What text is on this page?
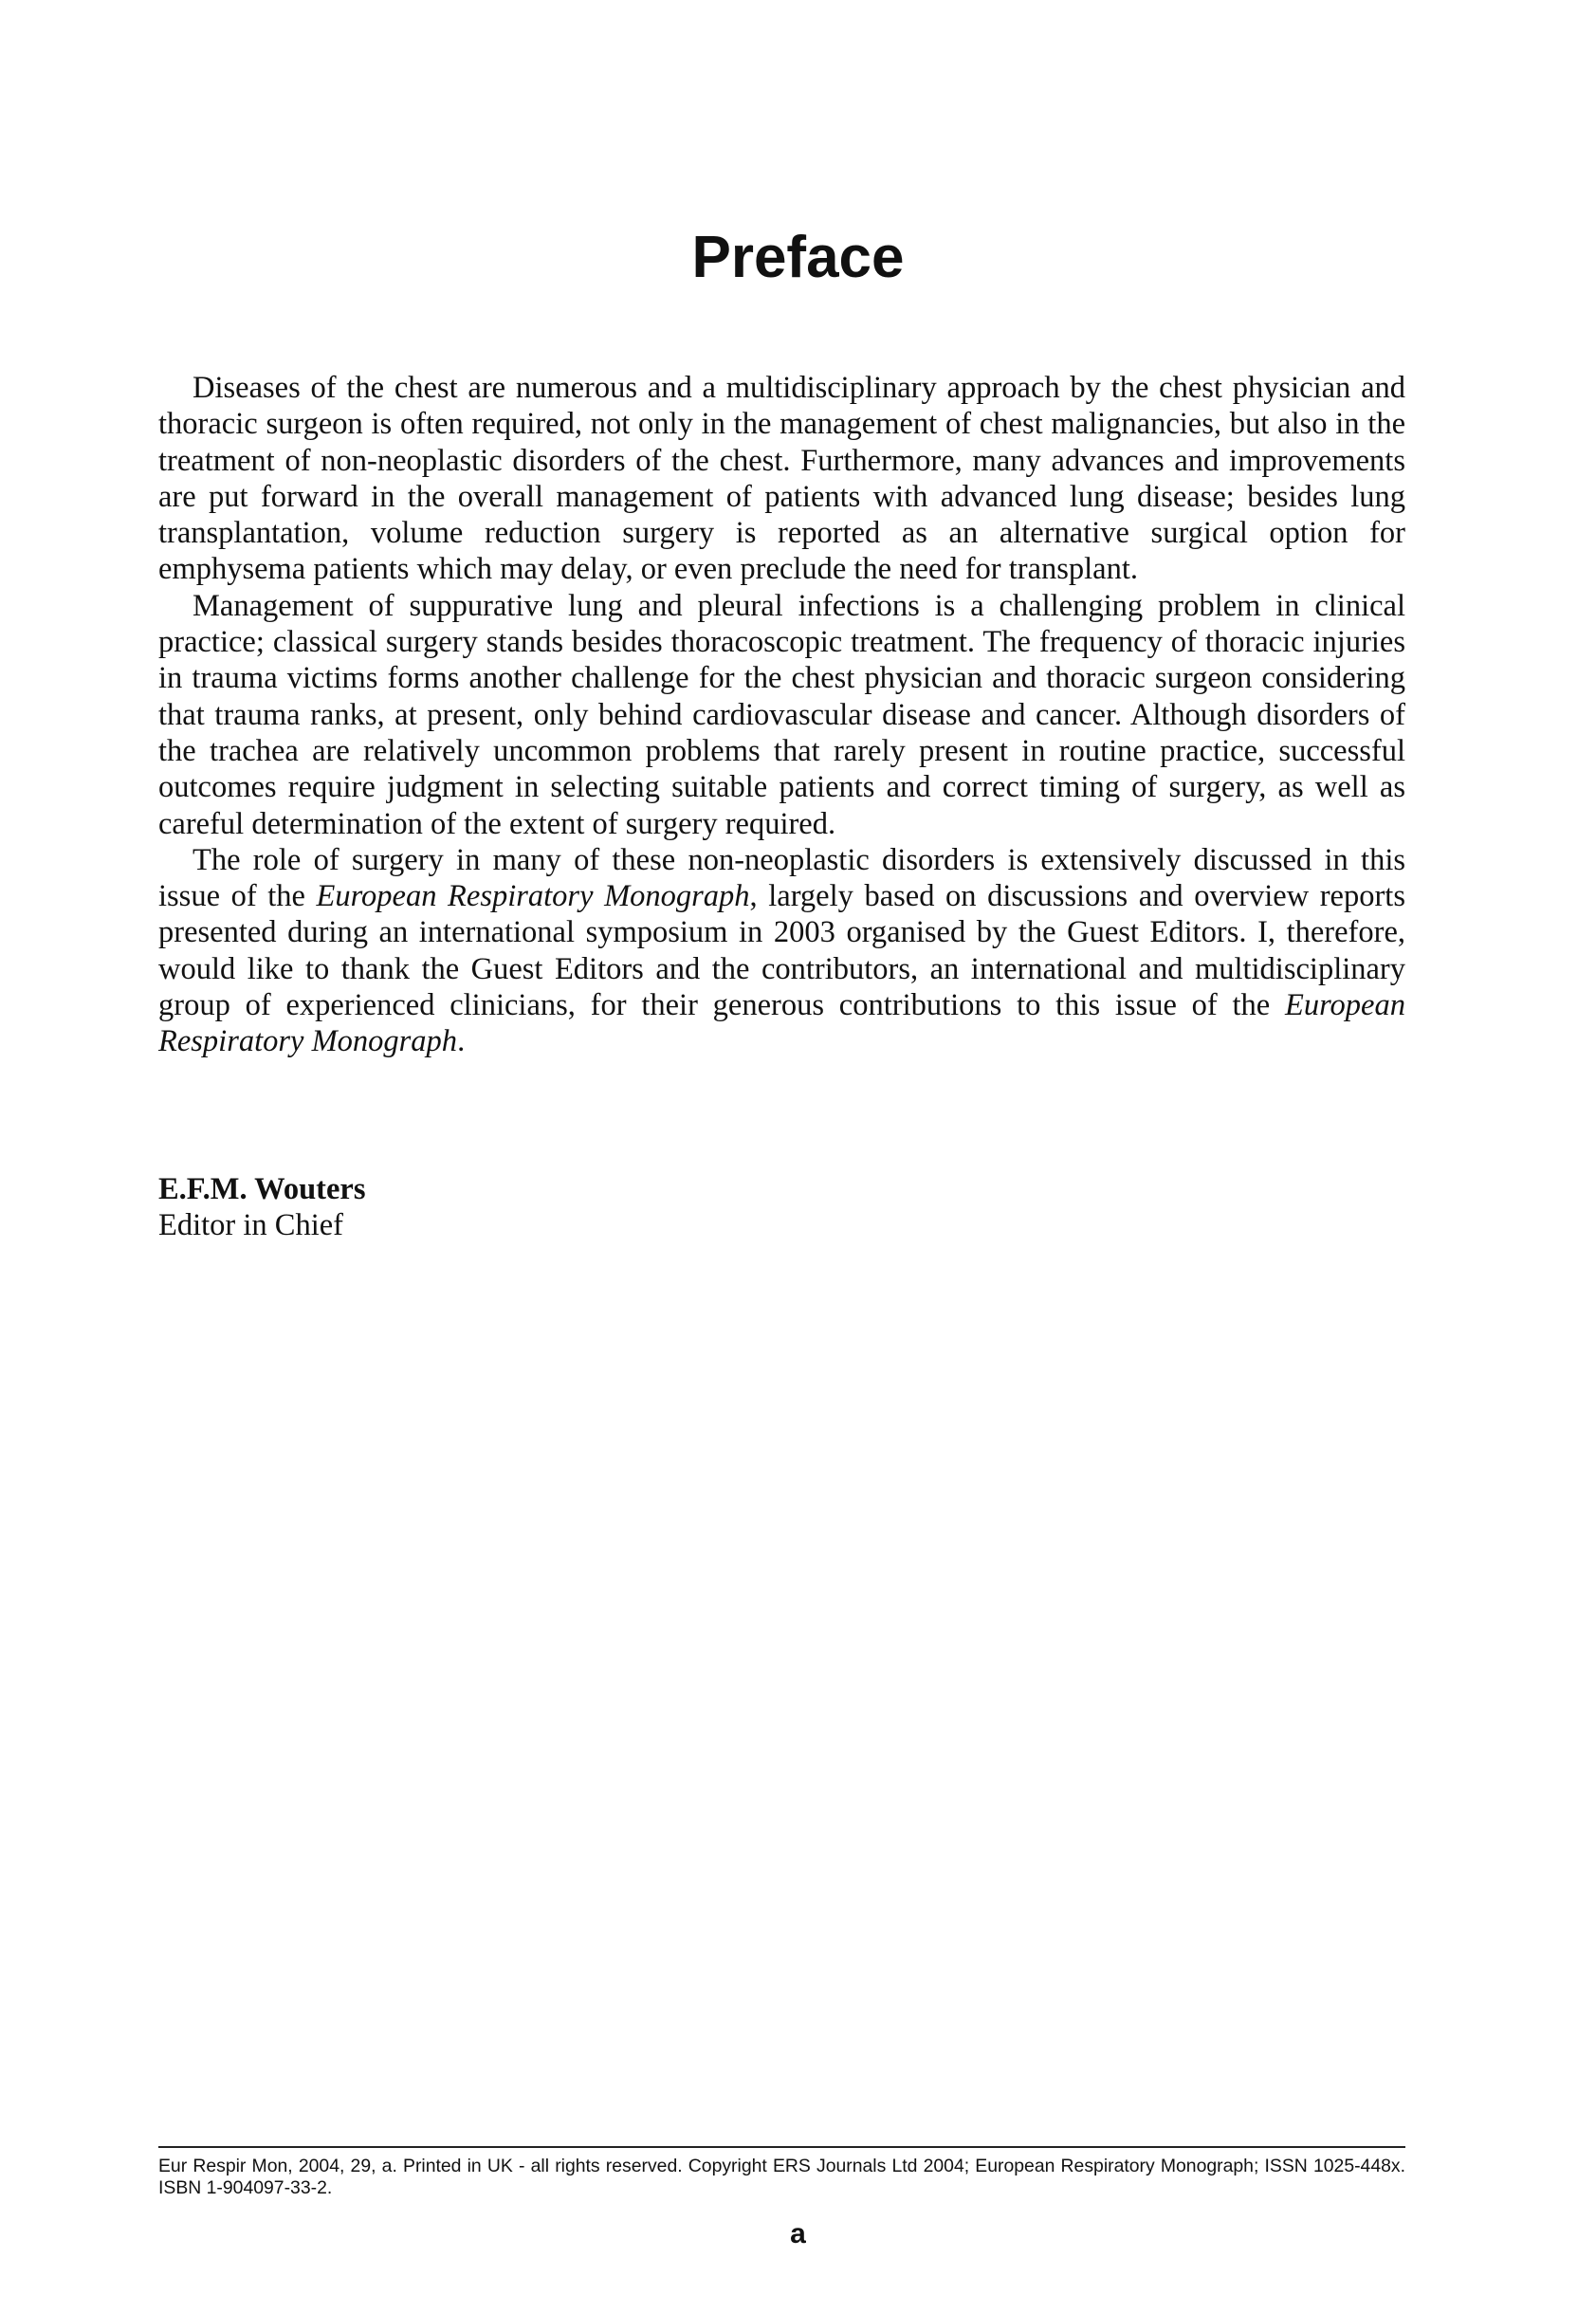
Preface

Diseases of the chest are numerous and a multidisciplinary approach by the chest physician and thoracic surgeon is often required, not only in the management of chest malignancies, but also in the treatment of non-neoplastic disorders of the chest. Furthermore, many advances and improvements are put forward in the overall management of patients with advanced lung disease; besides lung transplantation, volume reduction surgery is reported as an alternative surgical option for emphysema patients which may delay, or even preclude the need for transplant.

Management of suppurative lung and pleural infections is a challenging problem in clinical practice; classical surgery stands besides thoracoscopic treatment. The frequency of thoracic injuries in trauma victims forms another challenge for the chest physician and thoracic surgeon considering that trauma ranks, at present, only behind cardiovascular disease and cancer. Although disorders of the trachea are relatively uncommon problems that rarely present in routine practice, successful outcomes require judgment in selecting suitable patients and correct timing of surgery, as well as careful determination of the extent of surgery required.

The role of surgery in many of these non-neoplastic disorders is extensively discussed in this issue of the European Respiratory Monograph, largely based on discussions and overview reports presented during an international symposium in 2003 organised by the Guest Editors. I, therefore, would like to thank the Guest Editors and the contributors, an international and multidisciplinary group of experienced clinicians, for their generous contributions to this issue of the European Respiratory Monograph.

E.F.M. Wouters
Editor in Chief
Eur Respir Mon, 2004, 29, a. Printed in UK - all rights reserved. Copyright ERS Journals Ltd 2004; European Respiratory Monograph; ISSN 1025-448x. ISBN 1-904097-33-2.
a
